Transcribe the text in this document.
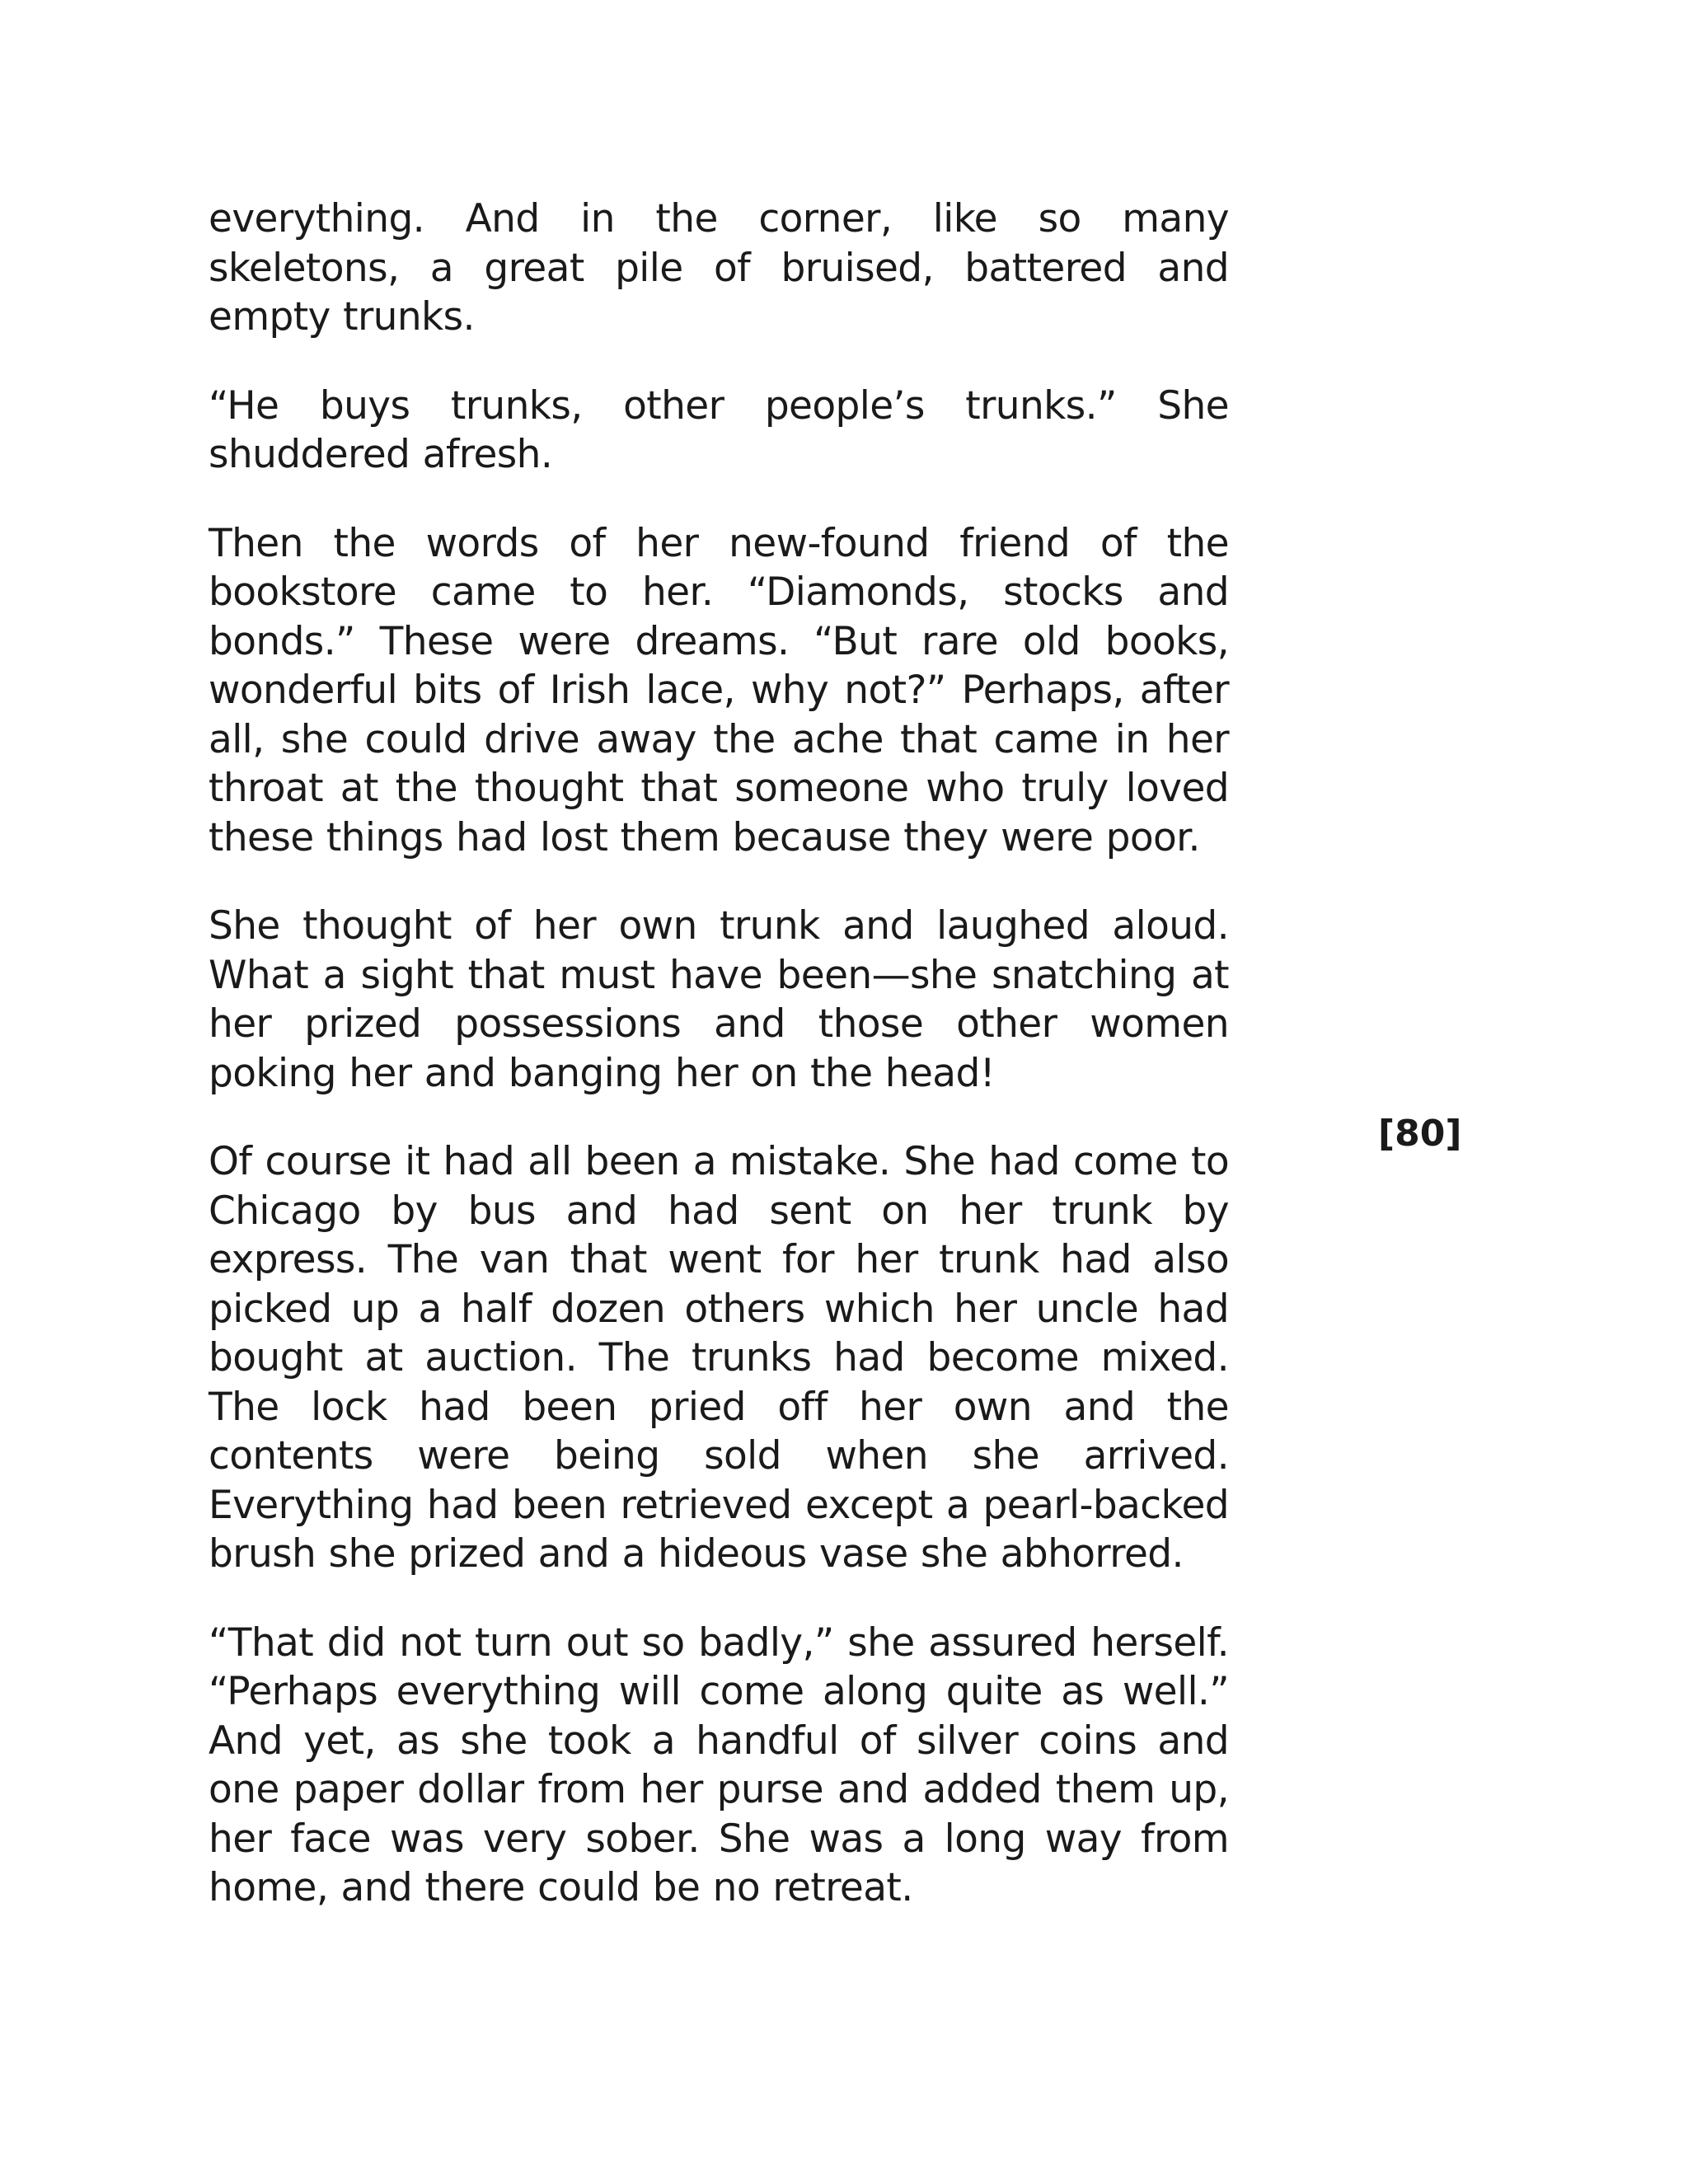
everything. And in the corner, like so many skeletons, a great pile of bruised, battered and empty trunks.

“He buys trunks, other people’s trunks.” She shuddered afresh.

Then the words of her new-found friend of the bookstore came to her. “Diamonds, stocks and bonds.” These were dreams. “But rare old books, wonderful bits of Irish lace, why not?” Perhaps, after all, she could drive away the ache that came in her throat at the thought that someone who truly loved these things had lost them because they were poor.

She thought of her own trunk and laughed aloud. What a sight that must have been—she snatching at her prized possessions and those other women poking her and banging her on the head!

Of course it had all been a mistake. She had come to Chicago by bus and had sent on her trunk by express. The van that went for her trunk had also picked up a half dozen others which her uncle had bought at auction. The trunks had become mixed. The lock had been pried off her own and the contents were being sold when she arrived. Everything had been retrieved except a pearl-backed brush she prized and a hideous vase she abhorred.

“That did not turn out so badly,” she assured herself. “Perhaps everything will come along quite as well.” And yet, as she took a handful of silver coins and one paper dollar from her purse and added them up, her face was very sober. She was a long way from home, and there could be no retreat.

[80]
